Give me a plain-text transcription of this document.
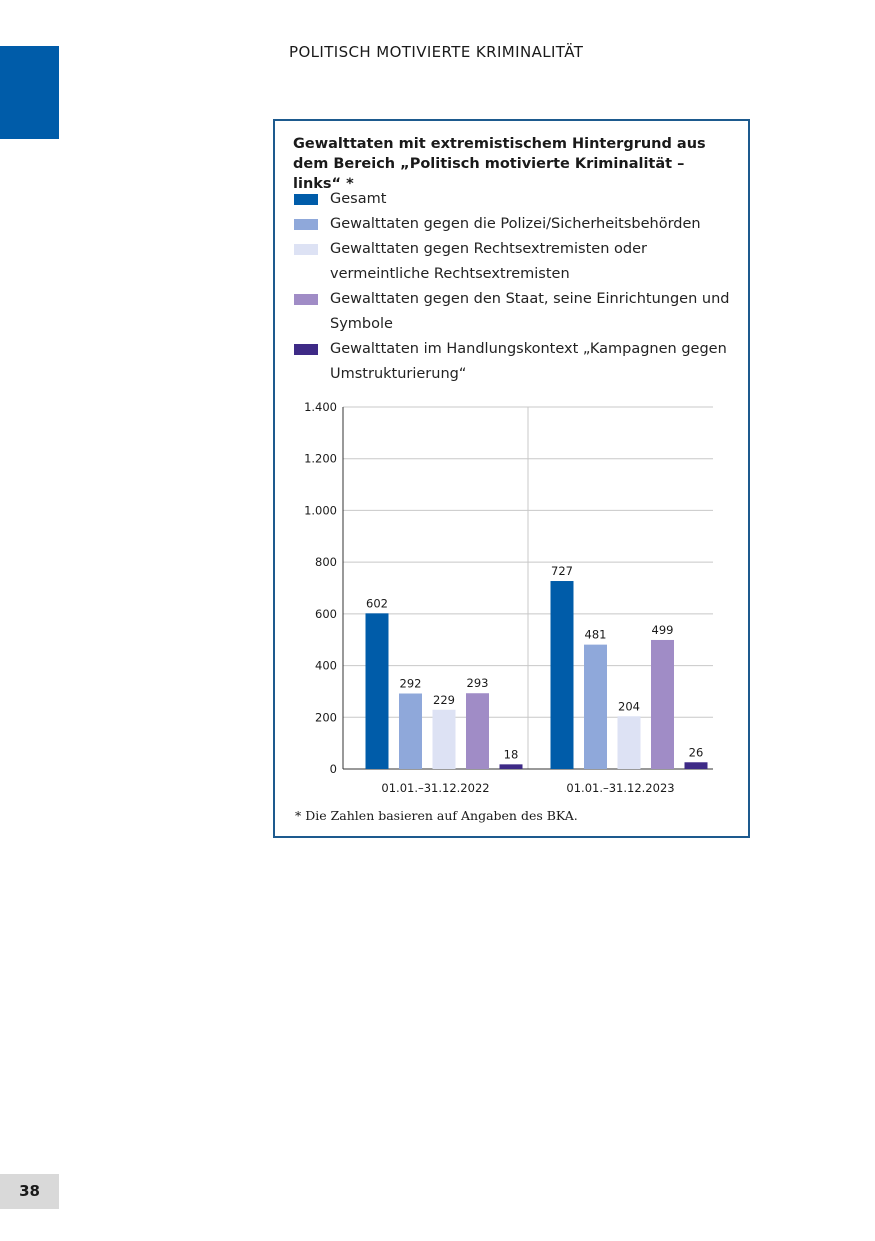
POLITISCH MOTIVIERTE KRIMINALITÄT
Gewalttaten mit extremistischem Hintergrund aus dem Bereich „Politisch motivierte Kriminalität – links“ *
Gesamt
Gewalttaten gegen die Polizei/Sicherheitsbehörden
Gewalttaten gegen Rechtsextremisten oder vermeintliche Rechtsextremisten
Gewalttaten gegen den Staat, seine Einrichtungen und Symbole
Gewalttaten im Handlungskontext „Kampagnen gegen Umstrukturierung“
0
200
400
600
800
1.000
1.200
1.400
602
292
229
293
18
01.01.–31.12.2022
727
481
204
499
26
01.01.–31.12.2023
* Die Zahlen basieren auf Angaben des BKA.
38
